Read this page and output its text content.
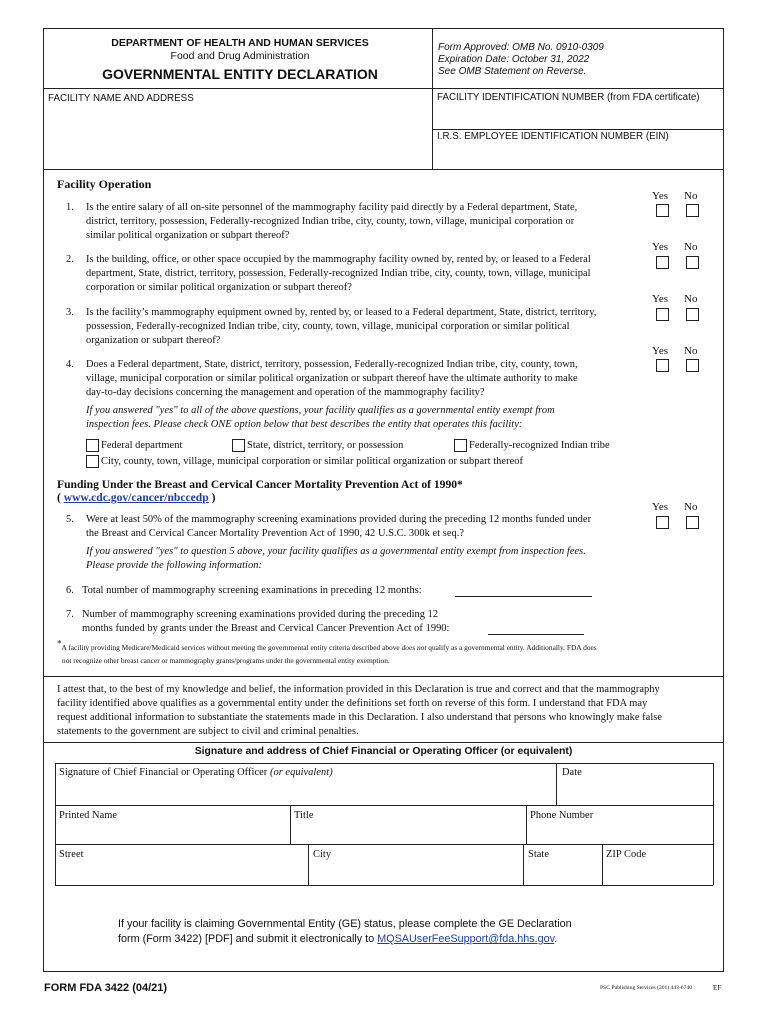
DEPARTMENT OF HEALTH AND HUMAN SERVICES
Food and Drug Administration
GOVERNMENTAL ENTITY DECLARATION
Form Approved: OMB No. 0910-0309
Expiration Date: October 31, 2022
See OMB Statement on Reverse.
FACILITY NAME AND ADDRESS	FACILITY IDENTIFICATION NUMBER (from FDA certificate)
I.R.S. EMPLOYEE IDENTIFICATION NUMBER (EIN)
Facility Operation
1. Is the entire salary of all on-site personnel of the mammography facility paid directly by a Federal department, State,
district, territory, possession, Federally-recognized Indian tribe, city, county, town, village, municipal corporation or
similar political organization or subpart thereof?
Yes No
2. Is the building, office, or other space occupied by the mammography facility owned by, rented by, or leased to a Federal
department, State, district, territory, possession, Federally-recognized Indian tribe, city, county, town, village, municipal
corporation or similar political organization or subpart thereof?
Yes No
3. Is the facility’s mammography equipment owned by, rented by, or leased to a Federal department, State, district, territory,
possession, Federally-recognized Indian tribe, city, county, town, village, municipal corporation or similar political
organization or subpart thereof?
Yes No
4. Does a Federal department, State, district, territory, possession, Federally-recognized Indian tribe, city, county, town,
village, municipal corporation or similar political organization or subpart thereof have the ultimate authority to make
day-to-day decisions concerning the management and operation of the mammography facility?
Yes No
If you answered "yes" to all of the above questions, your facility qualifies as a governmental entity exempt from
inspection fees. Please check ONE option below that best describes the entity that operates this facility:
Federal department	State, district, territory, or possession	Federally-recognized Indian tribe
City, county, town, village, municipal corporation or similar political organization or subpart thereof
Funding Under the Breast and Cervical Cancer Mortality Prevention Act of 1990*
( www.cdc.gov/cancer/nbccedp )
Yes No
5. Were at least 50% of the mammography screening examinations provided during the preceding 12 months funded under
the Breast and Cervical Cancer Mortality Prevention Act of 1990, 42 U.S.C. 300k et seq.?
If you answered "yes" to question 5 above, your facility qualifies as a governmental entity exempt from inspection fees.
Please provide the following information:
6. Total number of mammography screening examinations in preceding 12 months:
7. Number of mammography screening examinations provided during the preceding 12
months funded by grants under the Breast and Cervical Cancer Prevention Act of 1990:
*A facility providing Medicare/Medicaid services without meeting the governmental entity criteria described above does not qualify as a governmental entity. Additionally, FDA does
not recognize other breast cancer or mammography grants/programs under the governmental entity exemption.
I attest that, to the best of my knowledge and belief, the information provided in this Declaration is true and correct and that the mammography
facility identified above qualifies as a governmental entity under the definitions set forth on reverse of this form. I understand that FDA may
request additional information to substantiate the statements made in this Declaration. I also understand that persons who knowingly make false
statements to the government are subject to civil and criminal penalties.
Signature and address of Chief Financial or Operating Officer (or equivalent)
Signature of Chief Financial or Operating Officer (or equivalent)	Date
Printed Name	Title	Phone Number
Street	City	State	ZIP Code
If your facility is claiming Governmental Entity (GE) status, please complete the GE Declaration
form (Form 3422) [PDF] and submit it electronically to MQSAUserFeeSupport@fda.hhs.gov.
FORM FDA 3422 (04/21)	PSC Publishing Services (301) 443-6740	EF
